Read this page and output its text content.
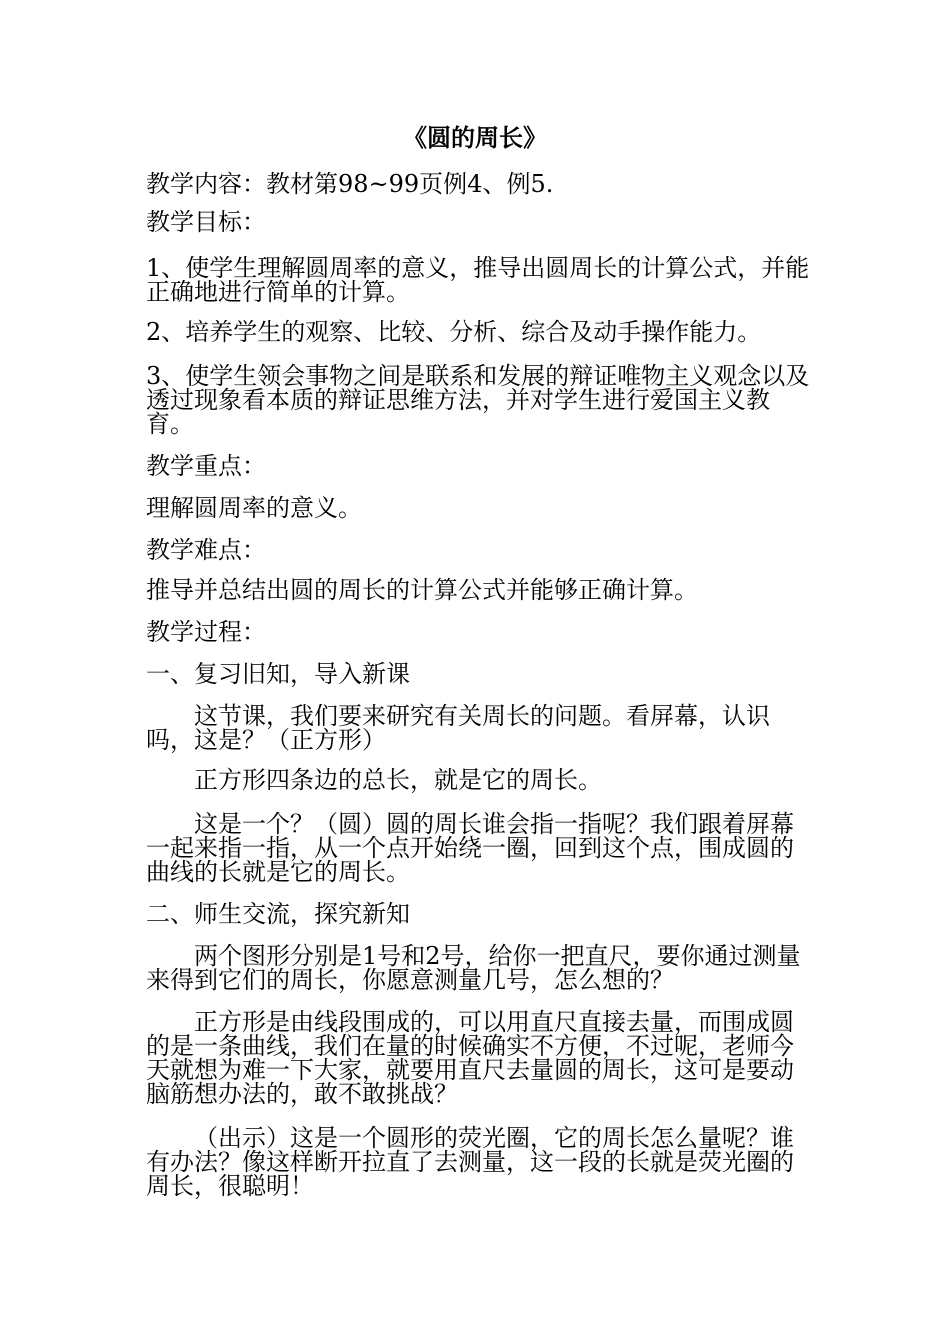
《圆的周长》

教学内容：教材第98~99页例4、例5.

教学目标：

1、使学生理解圆周率的意义，推导出圆周长的计算公式，并能正确地进行简单的计算。

2、培养学生的观察、比较、分析、综合及动手操作能力。

3、使学生领会事物之间是联系和发展的辩证唯物主义观念以及透过现象看本质的辩证思维方法，并对学生进行爱国主义教育。

教学重点：

理解圆周率的意义。

教学难点：

推导并总结出圆的周长的计算公式并能够正确计算。

教学过程：

一、复习旧知，导入新课

这节课，我们要来研究有关周长的问题。看屏幕，认识吗，这是？（正方形）

正方形四条边的总长，就是它的周长。

这是一个？（圆）圆的周长谁会指一指呢？我们跟着屏幕一起来指一指，从一个点开始绕一圈，回到这个点，围成圆的曲线的长就是它的周长。

二、师生交流，探究新知

两个图形分别是1号和2号，给你一把直尺，要你通过测量来得到它们的周长，你愿意测量几号，怎么想的？

正方形是由线段围成的，可以用直尺直接去量，而围成圆的是一条曲线，我们在量的时候确实不方便，不过呢，老师今天就想为难一下大家，就要用直尺去量圆的周长，这可是要动脑筋想办法的，敢不敢挑战？

（出示）这是一个圆形的荧光圈，它的周长怎么量呢？谁有办法？像这样断开拉直了去测量，这一段的长就是荧光圈的周长，很聪明！
